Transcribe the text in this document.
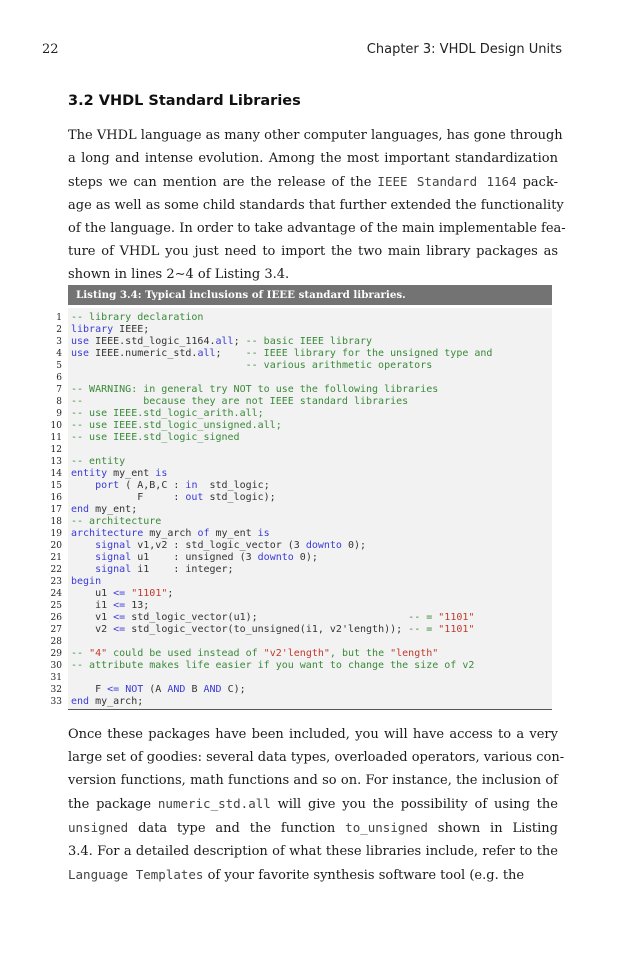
22	Chapter 3: VHDL Design Units
3.2 VHDL Standard Libraries
The VHDL language as many other computer languages, has gone through
a long and intense evolution. Among the most important standardization
steps we can mention are the release of the IEEE Standard 1164 pack-
age as well as some child standards that further extended the functionality
of the language. In order to take advantage of the main implementable fea-
ture of VHDL you just need to import the two main library packages as
shown in lines 2∼4 of Listing 3.4.
Listing 3.4: Typical inclusions of IEEE standard libraries.
1 -- library declaration
2 library IEEE;
3 use IEEE.std_logic_1164.all; -- basic IEEE library
4 use IEEE.numeric_std.all;    -- IEEE library for the unsigned type and
5	-- various arithmetic operators
6
7 -- WARNING: in general try NOT to use the following libraries
8 --          because they are not IEEE standard libraries
9 -- use IEEE.std_logic_arith.all;
10 -- use IEEE.std_logic_unsigned.all;
11 -- use IEEE.std_logic_signed
12
13 -- entity
14 entity my_ent is
15	port ( A,B,C : in  std_logic;
16 F     : out std_logic);
17 end my_ent;
18 -- architecture
19 architecture my_arch of my_ent is
20	signal v1,v2 : std_logic_vector (3 downto 0);
21	signal u1    : unsigned (3 downto 0);
22	signal i1    : integer;
23 begin
24 u1 <= "1101";
25 i1 <= 13;
26 v1 <= std_logic_vector(u1);                         -- = "1101"
27 v2 <= std_logic_vector(to_unsigned(i1, v2'length)); -- = "1101"
28
29 -- "4" could be used instead of "v2'length", but the "length"
30 -- attribute makes life easier if you want to change the size of v2
31
32 F <= NOT (A AND B AND C);
33 end my_arch;
Once these packages have been included, you will have access to a very
large set of goodies: several data types, overloaded operators, various con-
version functions, math functions and so on. For instance, the inclusion of
the package numeric_std.all will give you the possibility of using the
unsigned data type and the function to_unsigned shown in Listing
3.4. For a detailed description of what these libraries include, refer to the
Language Templates of your favorite synthesis software tool (e.g. the
